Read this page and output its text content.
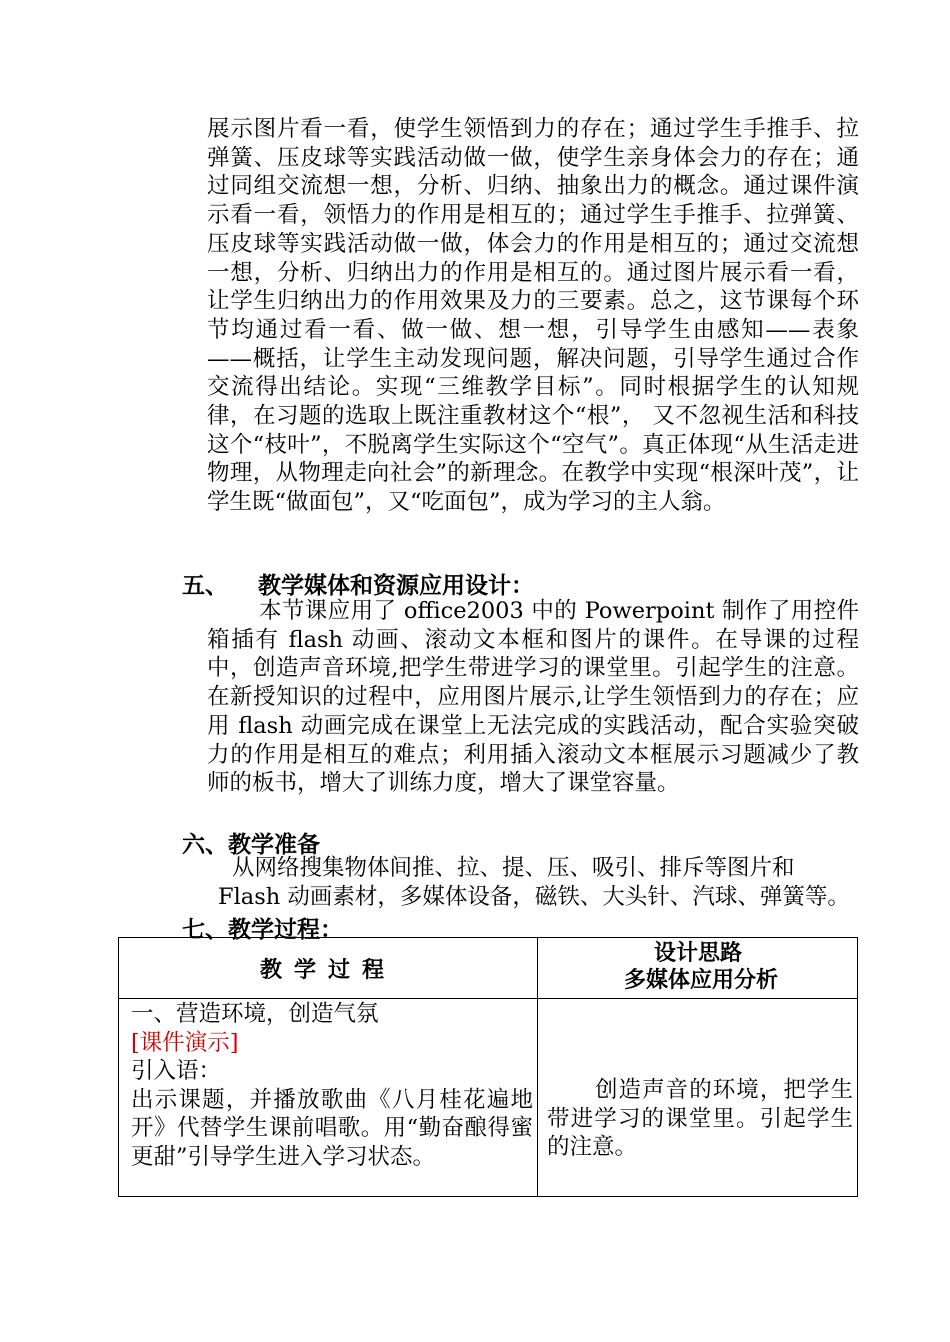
展示图片看一看，使学生领悟到力的存在；通过学生手推手、拉弹簧、压皮球等实践活动做一做，使学生亲身体会力的存在；通过同组交流想一想，分析、归纳、抽象出力的概念。通过课件演示看一看，领悟力的作用是相互的；通过学生手推手、拉弹簧、压皮球等实践活动做一做，体会力的作用是相互的；通过交流想一想，分析、归纳出力的作用是相互的。通过图片展示看一看，让学生归纳出力的作用效果及力的三要素。总之，这节课每个环节均通过看一看、做一做、想一想，引导学生由感知——表象——概括，让学生主动发现问题，解决问题，引导学生通过合作交流得出结论。实现“三维教学目标”。同时根据学生的认知规律，在习题的选取上既注重教材这个“根”， 又不忽视生活和科技这个“枝叶”，不脱离学生实际这个“空气”。真正体现“从生活走进物理，从物理走向社会”的新理念。在教学中实现“根深叶茂”，让学生既“做面包”，又“吃面包”，成为学习的主人翁。
五、 教学媒体和资源应用设计：
本节课应用了 office2003 中的 Powerpoint 制作了用控件箱插有 flash 动画、滚动文本框和图片的课件。在导课的过程中，创造声音环境,把学生带进学习的课堂里。引起学生的注意。在新授知识的过程中，应用图片展示,让学生领悟到力的存在；应用 flash 动画完成在课堂上无法完成的实践活动，配合实验突破力的作用是相互的难点；利用插入滚动文本框展示习题减少了教师的板书，增大了训练力度，增大了课堂容量。
六、教学准备
从网络搜集物体间推、拉、提、压、吸引、排斥等图片和
Flash 动画素材，多媒体设备，磁铁、大头针、汽球、弹簧等。
七、教学过程：
教学过程
设计思路
多媒体应用分析
一、营造环境，创造气氛
[课件演示]
引入语：
出示课题，并播放歌曲《八月桂花遍地开》代替学生课前唱歌。用“勤奋酿得蜜更甜”引导学生进入学习状态。
创造声音的环境，把学生带进学习的课堂里。引起学生的注意。
